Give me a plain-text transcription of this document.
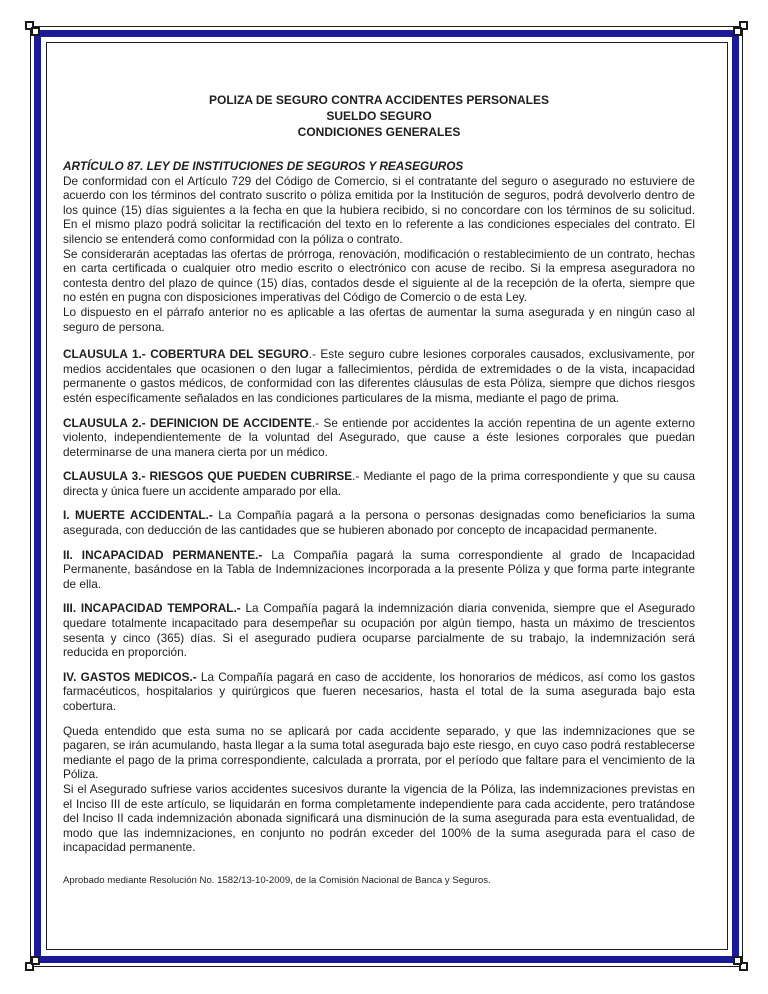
POLIZA DE SEGURO CONTRA ACCIDENTES PERSONALES
SUELDO SEGURO
CONDICIONES GENERALES

ARTÍCULO 87. LEY DE INSTITUCIONES DE SEGUROS Y REASEGUROS

De conformidad con el Artículo 729 del Código de Comercio, si el contratante del seguro o asegurado no estuviere de acuerdo con los términos del contrato suscrito o póliza emitida por la Institución de seguros, podrá devolverlo dentro de los quince (15) días siguientes a la fecha en que la hubiera recibido, si no concordare con los términos de su solicitud. En el mismo plazo podrá solicitar la rectificación del texto en lo referente a las condiciones especiales del contrato. El silencio se entenderá como conformidad con la póliza o contrato.

Se considerarán aceptadas las ofertas de prórroga, renovación, modificación o restablecimiento de un contrato, hechas en carta certificada o cualquier otro medio escrito o electrónico con acuse de recibo. Si la empresa aseguradora no contesta dentro del plazo de quince (15) días, contados desde el siguiente al de la recepción de la oferta, siempre que no estén en pugna con disposiciones imperativas del Código de Comercio o de esta Ley.

Lo dispuesto en el párrafo anterior no es aplicable a las ofertas de aumentar la suma asegurada y en ningún caso al seguro de persona.

CLAUSULA 1.- COBERTURA DEL SEGURO.- Este seguro cubre lesiones corporales causados, exclusivamente, por medios accidentales que ocasionen o den lugar a fallecimientos, pérdida de extremidades o de la vista, incapacidad permanente o gastos médicos, de conformidad con las diferentes cláusulas de esta Póliza, siempre que dichos riesgos estén específicamente señalados en las condiciones particulares de la misma, mediante el pago de prima.

CLAUSULA 2.- DEFINICION DE ACCIDENTE.- Se entiende por accidentes la acción repentina de un agente externo violento, independientemente de la voluntad del Asegurado, que cause a éste lesiones corporales que puedan determinarse de una manera cierta por un médico.

CLAUSULA 3.- RIESGOS QUE PUEDEN CUBRIRSE.- Mediante el pago de la prima correspondiente y que su causa directa y única fuere un accidente amparado por ella.

I. MUERTE ACCIDENTAL.- La Compañía pagará a la persona o personas designadas como beneficiarios la suma asegurada, con deducción de las cantidades que se hubieren abonado por concepto de incapacidad permanente.

II. INCAPACIDAD PERMANENTE.- La Compañía pagará la suma correspondiente al grado de Incapacidad Permanente, basándose en la Tabla de Indemnizaciones incorporada a la presente Póliza y que forma parte integrante de ella.

III. INCAPACIDAD TEMPORAL.- La Compañía pagará la indemnización diaria convenida, siempre que el Asegurado quedare totalmente incapacitado para desempeñar su ocupación por algún tiempo, hasta un máximo de trescientos sesenta y cinco (365) días. Si el asegurado pudiera ocuparse parcialmente de su trabajo, la indemnización será reducida en proporción.

IV. GASTOS MEDICOS.- La Compañía pagará en caso de accidente, los honorarios de médicos, así como los gastos farmacéuticos, hospitalarios y quirúrgicos que fueren necesarios, hasta el total de la suma asegurada bajo esta cobertura.

Queda entendido que esta suma no se aplicará por cada accidente separado, y que las indemnizaciones que se pagaren, se irán acumulando, hasta llegar a la suma total asegurada bajo este riesgo, en cuyo caso podrá restablecerse mediante el pago de la prima correspondiente, calculada a prorrata, por el período que faltare para el vencimiento de la Póliza.

Si el Asegurado sufriese varios accidentes sucesivos durante la vigencia de la Póliza, las indemnizaciones previstas en el Inciso III de este artículo, se liquidarán en forma completamente independiente para cada accidente, pero tratándose del Inciso II cada indemnización abonada significará una disminución de la suma asegurada para esta eventualidad, de modo que las indemnizaciones, en conjunto no podrán exceder del 100% de la suma asegurada para el caso de incapacidad permanente.

Aprobado mediante Resolución No. 1582/13-10-2009, de la Comisión Nacional de Banca y Seguros.
